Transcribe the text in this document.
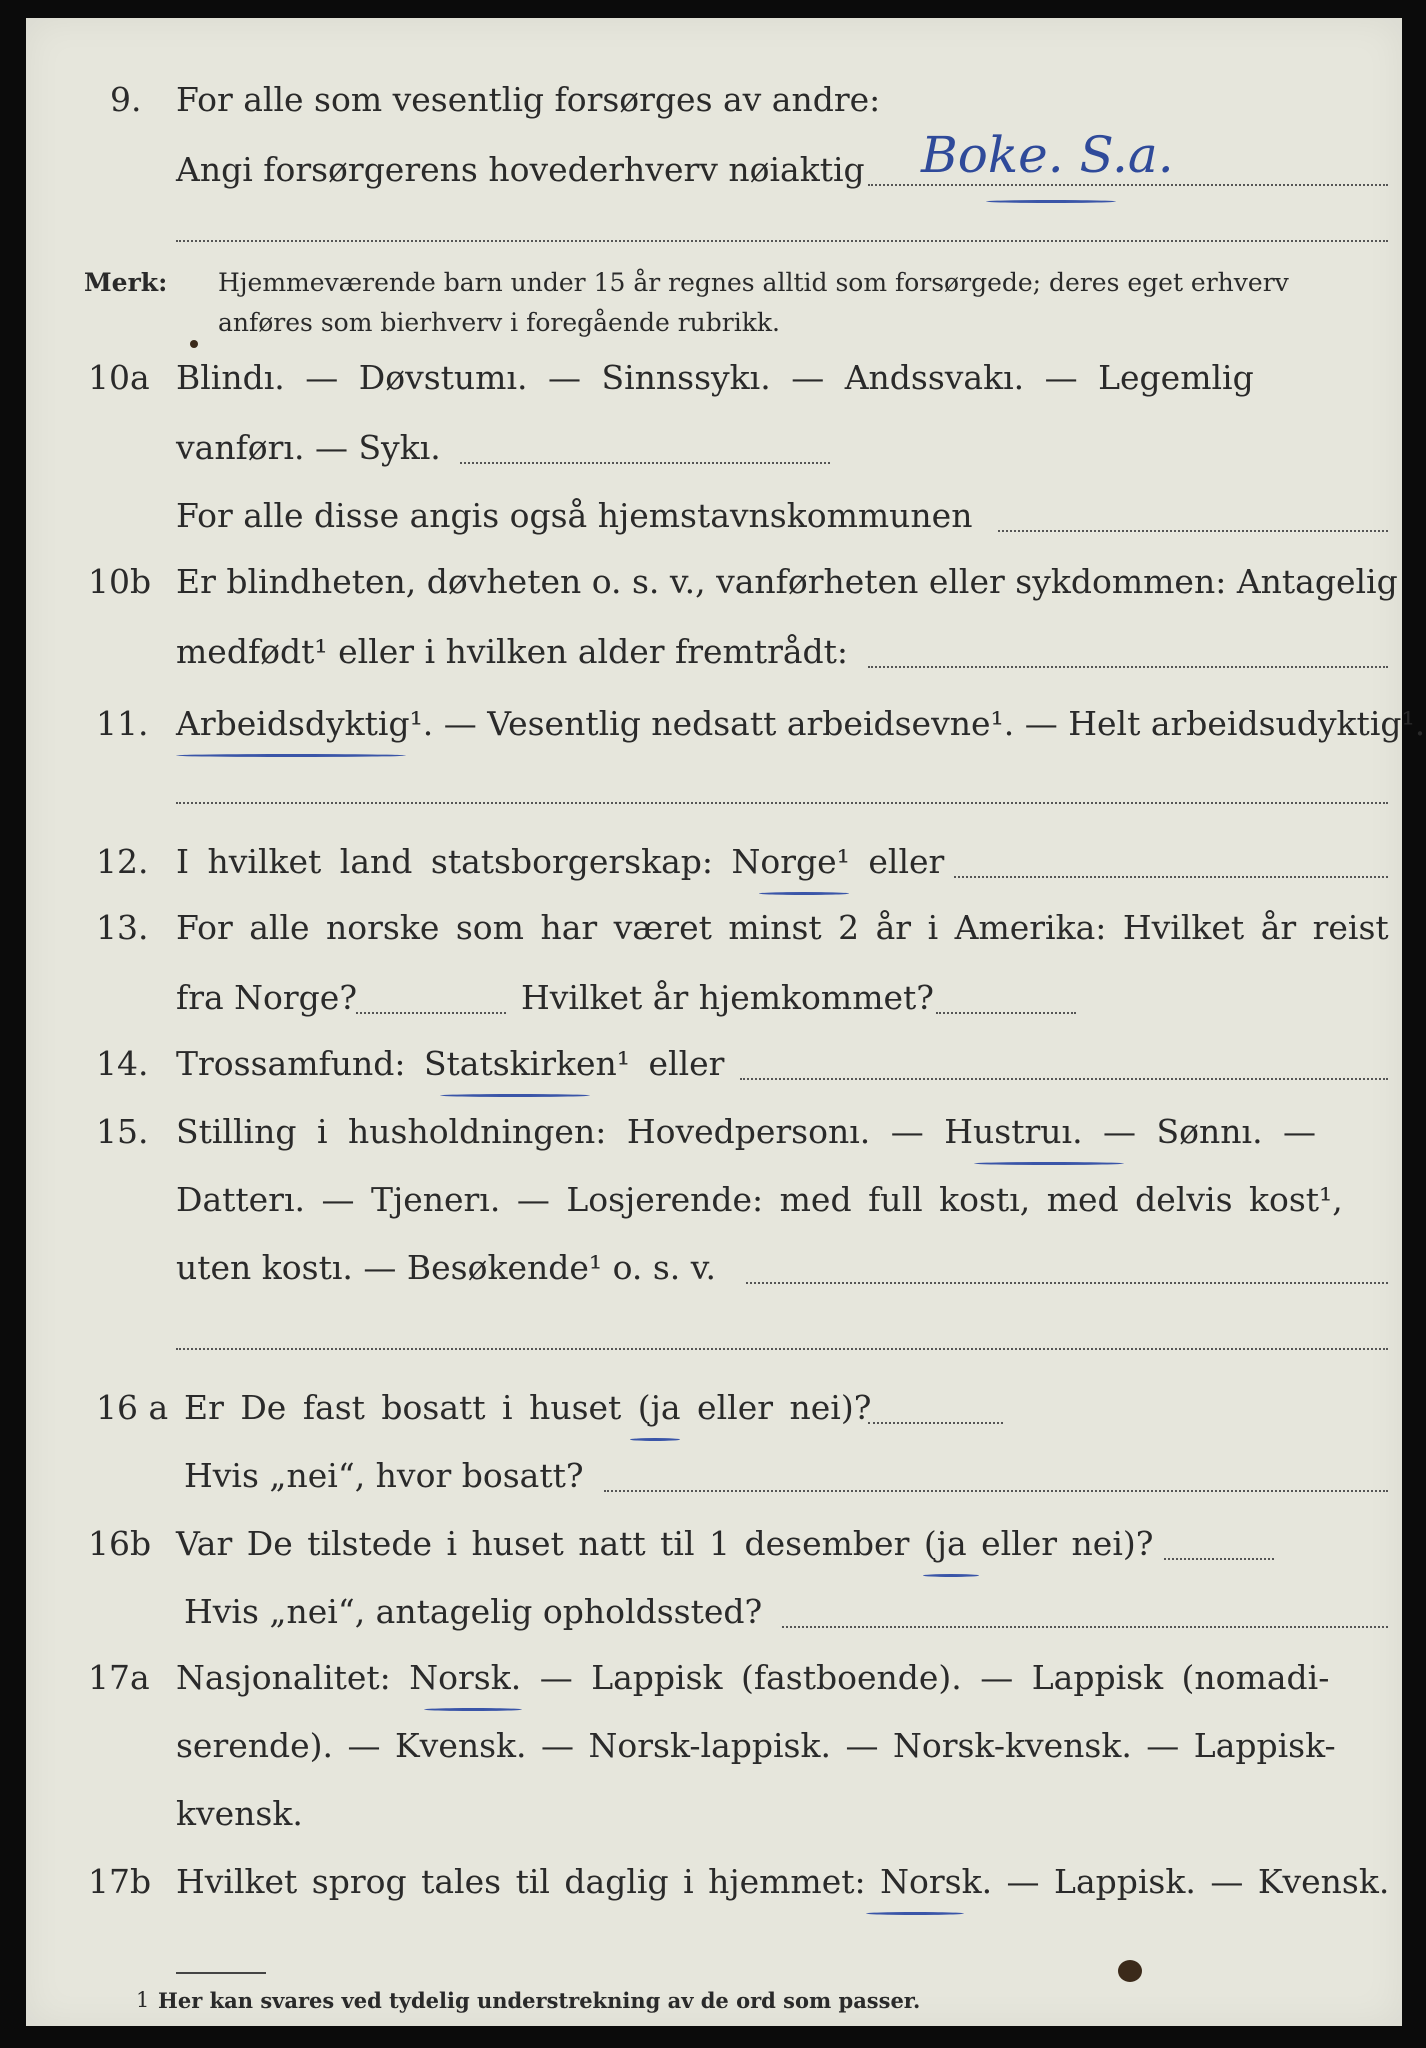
9.	For alle som vesentlig forsørges av andre:
Angi forsørgerens hovederhverv nøiaktig Boke. S.a.
Merk: Hjemmeværende barn under 15 år regnes alltid som forsørgede; deres eget erhverv
anføres som bierhverv i foregående rubrikk.
10a Blindı. — Døvstumı. — Sinnssykı. — Andssvakı. — Legemlig
vanførı. — Sykı.
For alle disse angis også hjemstavnskommunen
10b Er blindheten, døvheten o. s. v., vanførheten eller sykdommen: Antagelig
medfødt¹ eller i hvilken alder fremtrådt:
11. Arbeidsdyktig¹. — Vesentlig nedsatt arbeidsevne¹. — Helt arbeidsudyktig¹.
12. I hvilket land statsborgerskap: Norge¹ eller
13. For alle norske som har været minst 2 år i Amerika: Hvilket år reist
fra Norge?	Hvilket år hjemkommet?
14. Trossamfund: Statskirken¹ eller
15. Stilling i husholdningen: Hovedpersonı. — Hustruı. — Sønnı. —
Datterı. — Tjenerı. — Losjerende: med full kostı, med delvis kost¹,
uten kostı. — Besøkende¹ o. s. v.
16 a Er De fast bosatt i huset (ja eller nei)?
Hvis „nei“, hvor bosatt?
16b Var De tilstede i huset natt til 1 desember (ja eller nei)?
Hvis „nei“, antagelig opholdssted?
17a Nasjonalitet: Norsk. — Lappisk (fastboende). — Lappisk (nomadi-
serende). — Kvensk. — Norsk-lappisk. — Norsk-kvensk. — Lappisk-
kvensk.
17b Hvilket sprog tales til daglig i hjemmet: Norsk. — Lappisk. — Kvensk.
1 Her kan svares ved tydelig understrekning av de ord som passer.
